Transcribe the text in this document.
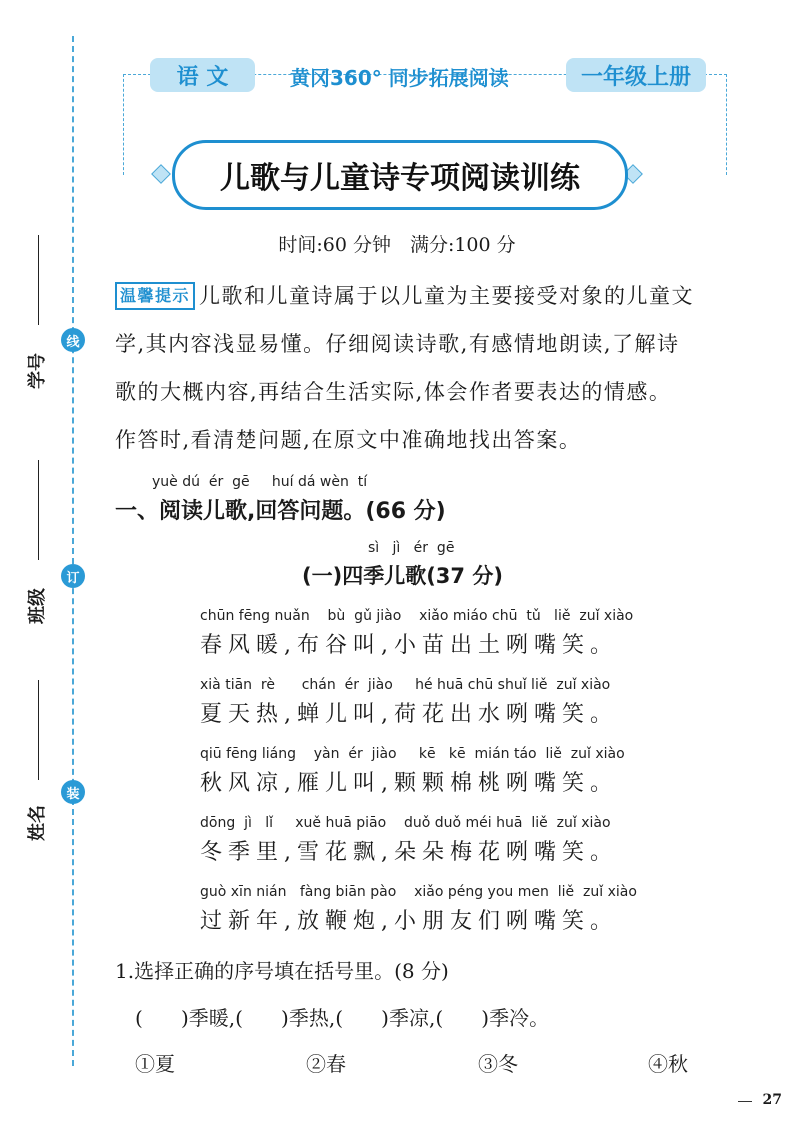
线
订
装
学号
班级
姓名
语 文	黄冈360° 同步拓展阅读	一年级上册
儿歌与儿童诗专项阅读训练
时间:60 分钟　满分:100 分
温馨提示 儿歌和儿童诗属于以儿童为主要接受对象的儿童文
学,其内容浅显易懂。仔细阅读诗歌,有感情地朗读,了解诗
歌的大概内容,再结合生活实际,体会作者要表达的情感。
作答时,看清楚问题,在原文中准确地找出答案。
yuè dú  ér  gē     huí dá wèn  tí
一、阅读儿歌,回答问题。(66 分)
sì   jì   ér  gē
(一)四季儿歌(37 分)
chūn fēng nuǎn    bù  gǔ jiào    xiǎo miáo chū  tǔ   liě  zuǐ xiào
春风暖,布谷叫,小苗出土咧嘴笑。
xià tiān  rè      chán  ér  jiào     hé huā chū shuǐ liě  zuǐ xiào
夏天热,蝉儿叫,荷花出水咧嘴笑。
qiū fēng liáng    yàn  ér  jiào     kē   kē  mián táo  liě  zuǐ xiào
秋风凉,雁儿叫,颗颗棉桃咧嘴笑。
dōng  jì   lǐ     xuě huā piāo    duǒ duǒ méi huā  liě  zuǐ xiào
冬季里,雪花飘,朵朵梅花咧嘴笑。
guò xīn nián   fàng biān pào    xiǎo péng you men  liě  zuǐ xiào
过新年,放鞭炮,小朋友们咧嘴笑。
1.选择正确的序号填在括号里。(8 分)
(      )季暖,(      )季热,(      )季凉,(      )季冷。
①夏	②春	③冬	④秋
27
